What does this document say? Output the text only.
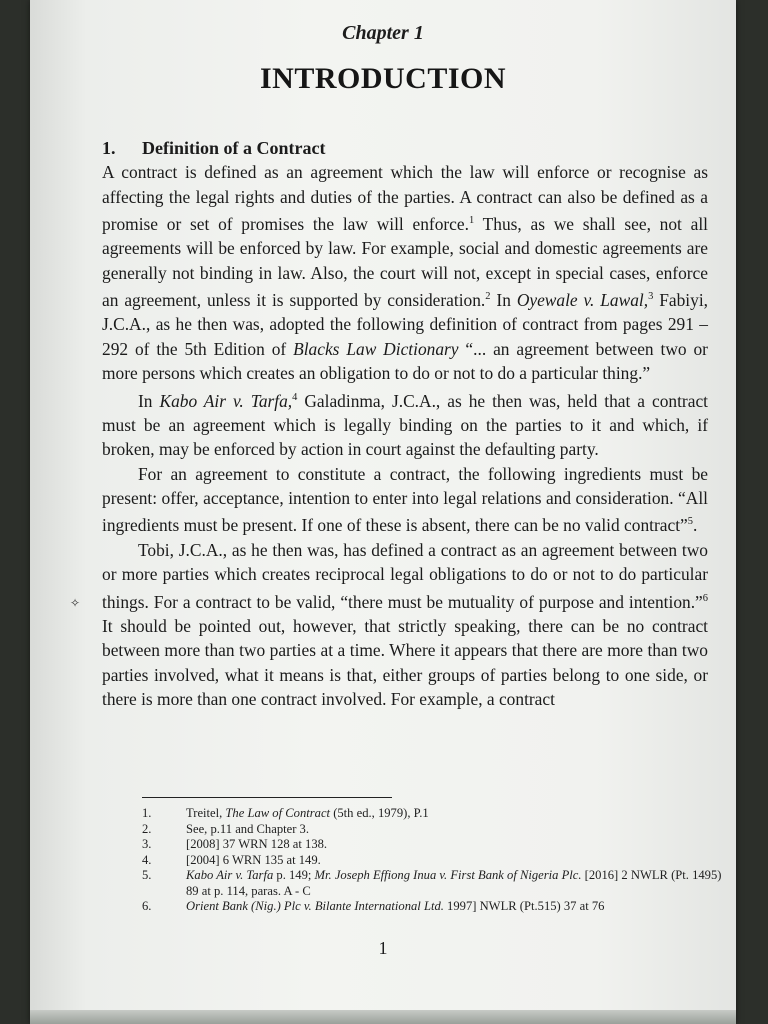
Chapter 1
INTRODUCTION
1. Definition of a Contract

A contract is defined as an agreement which the law will enforce or recognise as affecting the legal rights and duties of the parties. A contract can also be defined as a promise or set of promises the law will enforce.$^1$ Thus, as we shall see, not all agreements will be enforced by law. For example, social and domestic agreements are generally not binding in law. Also, the court will not, except in special cases, enforce an agreement, unless it is supported by consideration.$^2$ In Oyewale v. Lawal,$^3$ Fabiyi, J.C.A., as he then was, adopted the following definition of contract from pages 291 – 292 of the 5th Edition of Blacks Law Dictionary “... an agreement between two or more persons which creates an obligation to do or not to do a particular thing.”

In Kabo Air v. Tarfa,$^4$ Galadinma, J.C.A., as he then was, held that a contract must be an agreement which is legally binding on the parties to it and which, if broken, may be enforced by action in court against the defaulting party.

For an agreement to constitute a contract, the following ingredients must be present: offer, acceptance, intention to enter into legal relations and consideration. “All ingredients must be present. If one of these is absent, there can be no valid contract”$^5$.

Tobi, J.C.A., as he then was, has defined a contract as an agreement between two or more parties which creates reciprocal legal obligations to do or not to do particular things. For a contract to be valid, “there must be mutuality of purpose and intention.”$^6$ It should be pointed out, however, that strictly speaking, there can be no contract between more than two parties at a time. Where it appears that there are more than two parties involved, what it means is that, either groups of parties belong to one side, or there is more than one contract involved. For example, a contract

✧
1.	Treitel, The Law of Contract (5th ed., 1979), P.1
2.	See, p.11 and Chapter 3.
3.	[2008] 37 WRN 128 at 138.
4.	[2004] 6 WRN 135 at 149.
5.	Kabo Air v. Tarfa p. 149; Mr. Joseph Effiong Inua v. First Bank of Nigeria Plc. [2016] 2 NWLR (Pt. 1495) 89 at p. 114, paras. A - C
6.	Orient Bank (Nig.) Plc v. Bilante International Ltd. 1997] NWLR (Pt.515) 37 at 76
1
